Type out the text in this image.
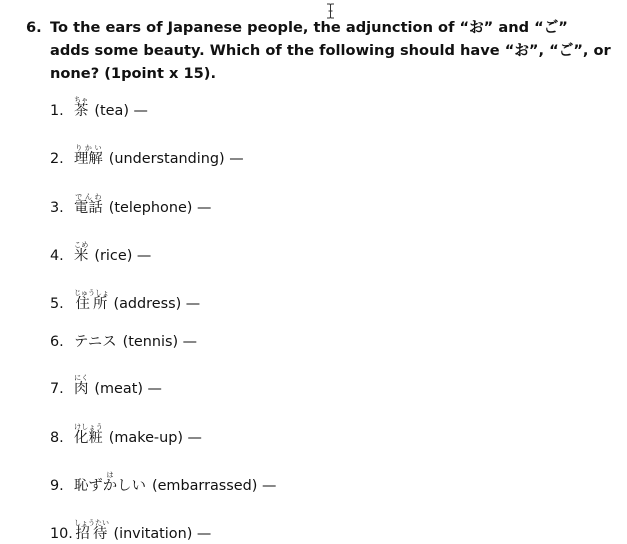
6. To the ears of Japanese people, the adjunction of “お” and “ご” adds some beauty. Which of the following should have “お”, “ご”, or none? (1point x 15).
1. 茶ちゃ(tea) —
2. 理解りかい(understanding) —
3. 電話でんわ(telephone) —
4. 米こめ(rice) —
5. 住所じゅうしょ(address) —
6. テニス (tennis) —
7. 肉にく(meat) —
8. 化粧けしょう(make-up) —
9. 恥ずかしいは(embarrassed) —
10.招待しょうたい(invitation) —
